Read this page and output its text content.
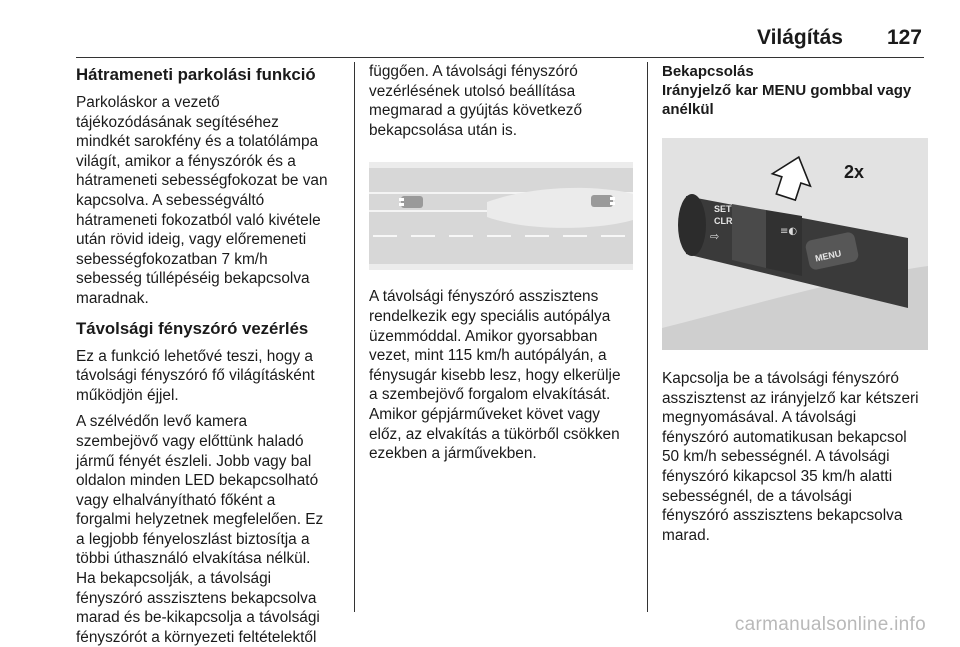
Világítás 127
Hátrameneti parkolási funkció

Parkoláskor a vezető
tájékozódásának segítéséhez
mindkét sarokfény és a tolatólámpa
világít, amikor a fényszórók és a
hátrameneti sebességfokozat be van
kapcsolva. A sebességváltó
hátrameneti fokozatból való kivétele
után rövid ideig, vagy előremeneti
sebességfokozatban 7 km/h
sebesség túllépéséig bekapcsolva
maradnak.

Távolsági fényszóró vezérlés

Ez a funkció lehetővé teszi, hogy a
távolsági fényszóró fő világításként
működjön éjjel.

A szélvédőn levő kamera
szembejövő vagy előttünk haladó
jármű fényét észleli. Jobb vagy bal
oldalon minden LED bekapcsolható
vagy elhalványítható főként a
forgalmi helyzetnek megfelelően. Ez
a legjobb fényeloszlást biztosítja a
többi úthasználó elvakítása nélkül.
Ha bekapcsolják, a távolsági
fényszóró asszisztens bekapcsolva
marad és be-kikapcsolja a távolsági
fényszórót a környezeti feltételektől

függően. A távolsági fényszóró
vezérlésének utolsó beállítása
megmarad a gyújtás következő
bekapcsolása után is.

A távolsági fényszóró asszisztens
rendelkezik egy speciális autópálya
üzemmóddal. Amikor gyorsabban
vezet, mint 115 km/h autópályán, a
fénysugár kisebb lesz, hogy elkerülje
a szembejövő forgalom elvakítását.
Amikor gépjárműveket követ vagy
előz, az elvakítás a tükörből csökken
ezekben a járművekben.

Bekapcsolás
Irányjelző kar MENU gombbal vagy
anélkül
SET
CLR
MENU
2x
⇨	≡◐

Kapcsolja be a távolsági fényszóró
asszisztenst az irányjelző kar kétszeri
megnyomásával. A távolsági
fényszóró automatikusan bekapcsol
50 km/h sebességnél. A távolsági
fényszóró kikapcsol 35 km/h alatti
sebességnél, de a távolsági
fényszóró asszisztens bekapcsolva
marad.

carmanualsonline.info
